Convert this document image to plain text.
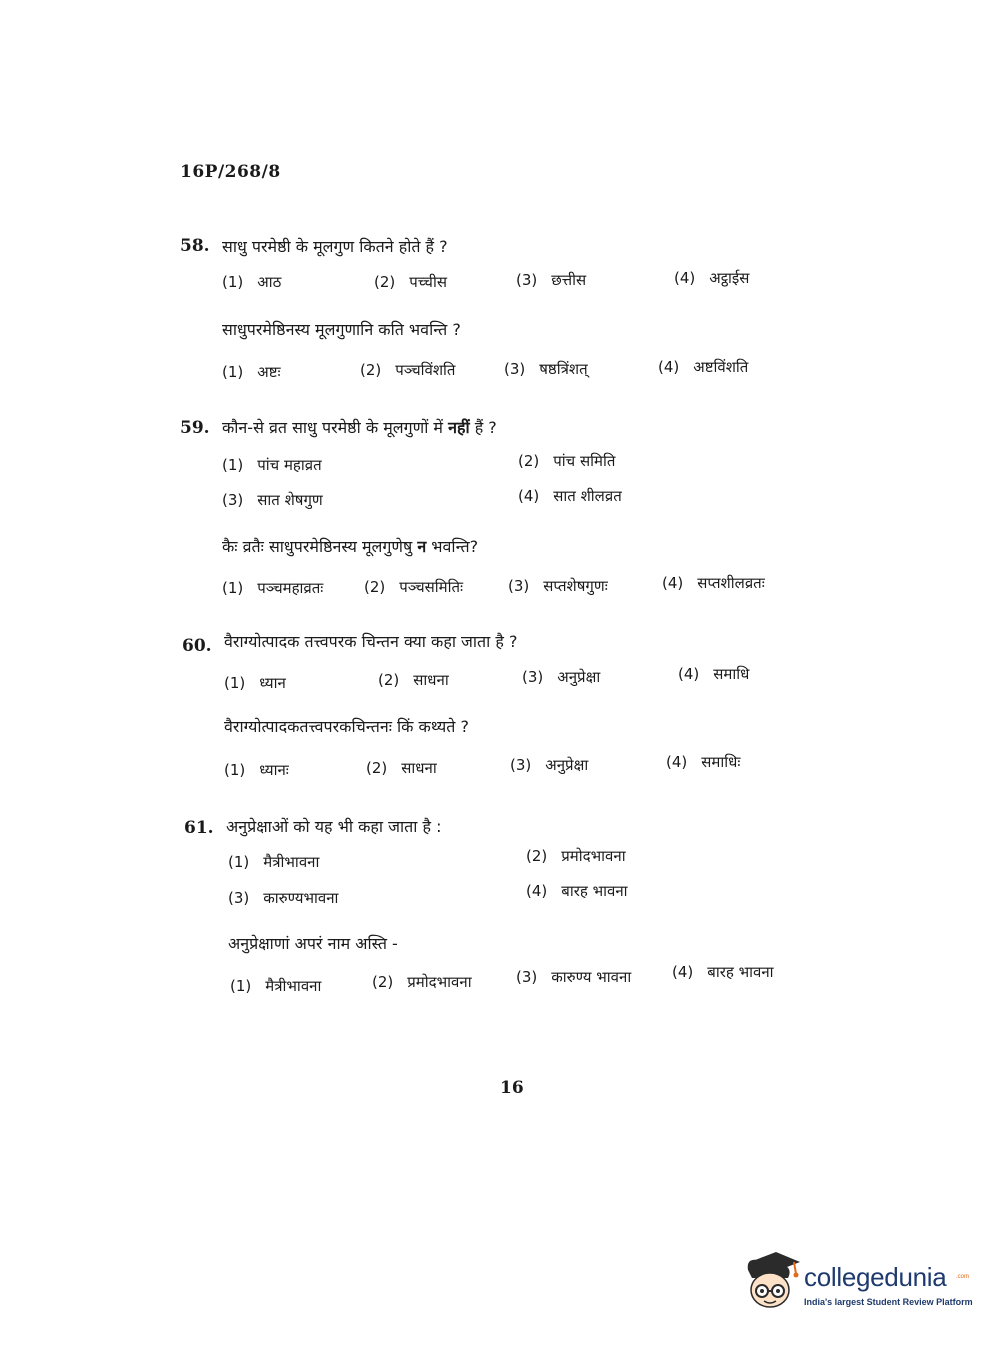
16P/268/8
58. साधु परमेष्ठी के मूलगुण कितने होते हैं ?
(1) आठ	(2) पच्चीस	(3) छत्तीस	(4) अट्ठाईस
साधुपरमेष्ठिनस्य मूलगुणानि कति भवन्ति ?
(1) अष्टः	(2) पञ्चविंशति	(3) षष्ठत्रिंशत्	(4) अष्टविंशति
59. कौन-से व्रत साधु परमेष्ठी के मूलगुणों में नहीं हैं ?
(1) पांच महाव्रत	(2) पांच समिति
(3) सात शेषगुण	(4) सात शीलव्रत
कैः व्रतैः साधुपरमेष्ठिनस्य मूलगुणेषु न भवन्ति?
(1) पञ्चमहाव्रतः	(2) पञ्चसमितिः	(3) सप्तशेषगुणः	(4) सप्तशीलव्रतः
60. वैराग्योत्पादक तत्त्वपरक चिन्तन क्या कहा जाता है ?
(1) ध्यान	(2) साधना	(3) अनुप्रेक्षा	(4) समाधि
वैराग्योत्पादकतत्त्वपरकचिन्तनः किं कथ्यते ?
(1) ध्यानः	(2) साधना	(3) अनुप्रेक्षा	(4) समाधिः
61. अनुप्रेक्षाओं को यह भी कहा जाता है :
(1) मैत्रीभावना	(2) प्रमोदभावना
(3) कारुण्यभावना	(4) बारह भावना
अनुप्रेक्षाणां अपरं नाम अस्ति -
(1) मैत्रीभावना	(2) प्रमोदभावना	(3) कारुण्य भावना	(4) बारह भावना
16
collegedunia .com
India's largest Student Review Platform
